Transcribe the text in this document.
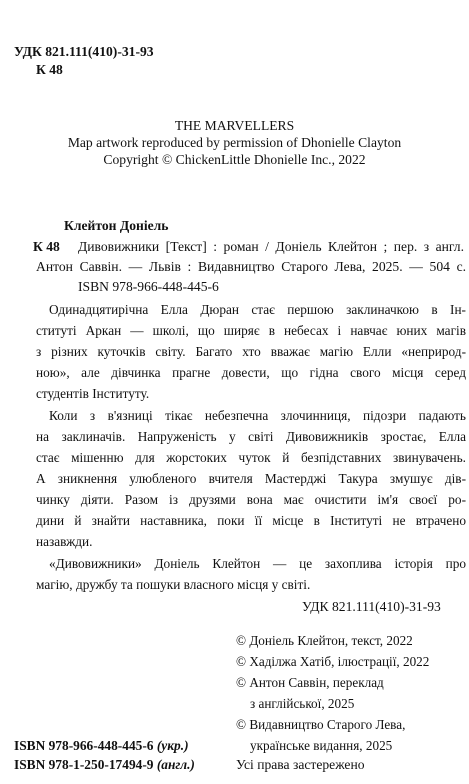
УДК 821.111(410)-31-93
К 48
THE MARVELLERS
Map artwork reproduced by permission of Dhonielle Clayton
Copyright © ChickenLittle Dhonielle Inc., 2022
Клейтон Доніель
К 48 Дивовижники [Текст] : роман / Доніель Клейтон ; пер. з англ.
Антон Саввін. — Львів : Видавництво Старого Лева, 2025. — 504 с.
ISBN 978-966-448-445-6
Одинадцятирічна Елла Дюран стає першою заклиначкою в Ін-
ституті Аркан — школі, що ширяє в небесах і навчає юних магів
з різних куточків світу. Багато хто вважає магію Елли «неприрод-
ною», але дівчинка прагне довести, що гідна свого місця серед
студентів Інституту.
Коли з в'язниці тікає небезпечна злочинниця, підозри падають
на заклиначів. Напруженість у світі Дивовижників зростає, Елла
стає мішенню для жорстоких чуток й безпідставних звинувачень.
А зникнення улюбленого вчителя Мастерджі Такура змушує дів-
чинку діяти. Разом із друзями вона має очистити ім'я своєї ро-
дини й знайти наставника, поки її місце в Інституті не втрачено
назавжди.
«Дивовижники» Доніель Клейтон — це захоплива історія про
магію, дружбу та пошуки власного місця у світі.
УДК 821.111(410)-31-93
© Доніель Клейтон, текст, 2022
© Хаділжа Хатіб, ілюстрації, 2022
© Антон Саввін, переклад
з англійської, 2025
© Видавництво Старого Лева,
українське видання, 2025
ISBN 978-966-448-445-6 (укр.)
ISBN 978-1-250-17494-9 (англ.)	Усі права застережено
